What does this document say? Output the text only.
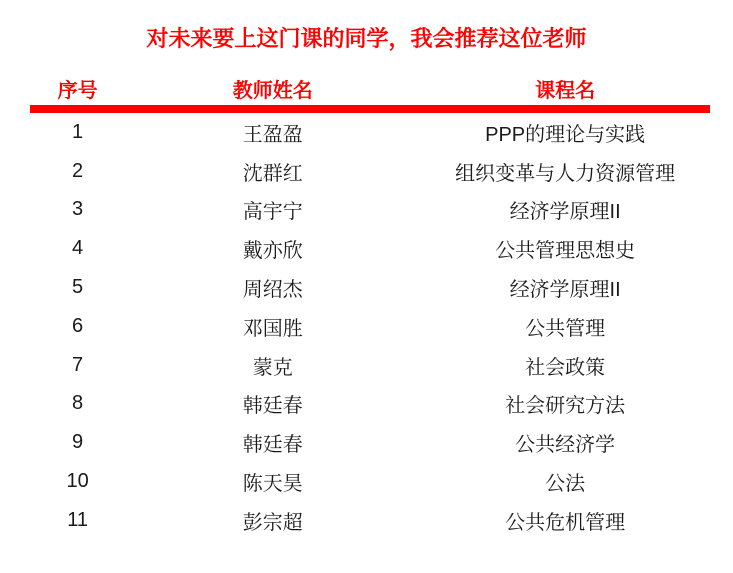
对未来要上这门课的同学，我会推荐这位老师
序号	教师姓名	课程名
1	王盈盈	PPP的理论与实践
2	沈群红	组织变革与人力资源管理
3	高宇宁	经济学原理II
4	戴亦欣	公共管理思想史
5	周绍杰	经济学原理II
6	邓国胜	公共管理
7	蒙克	社会政策
8	韩廷春	社会研究方法
9	韩廷春	公共经济学
10	陈天昊	公法
11	彭宗超	公共危机管理
